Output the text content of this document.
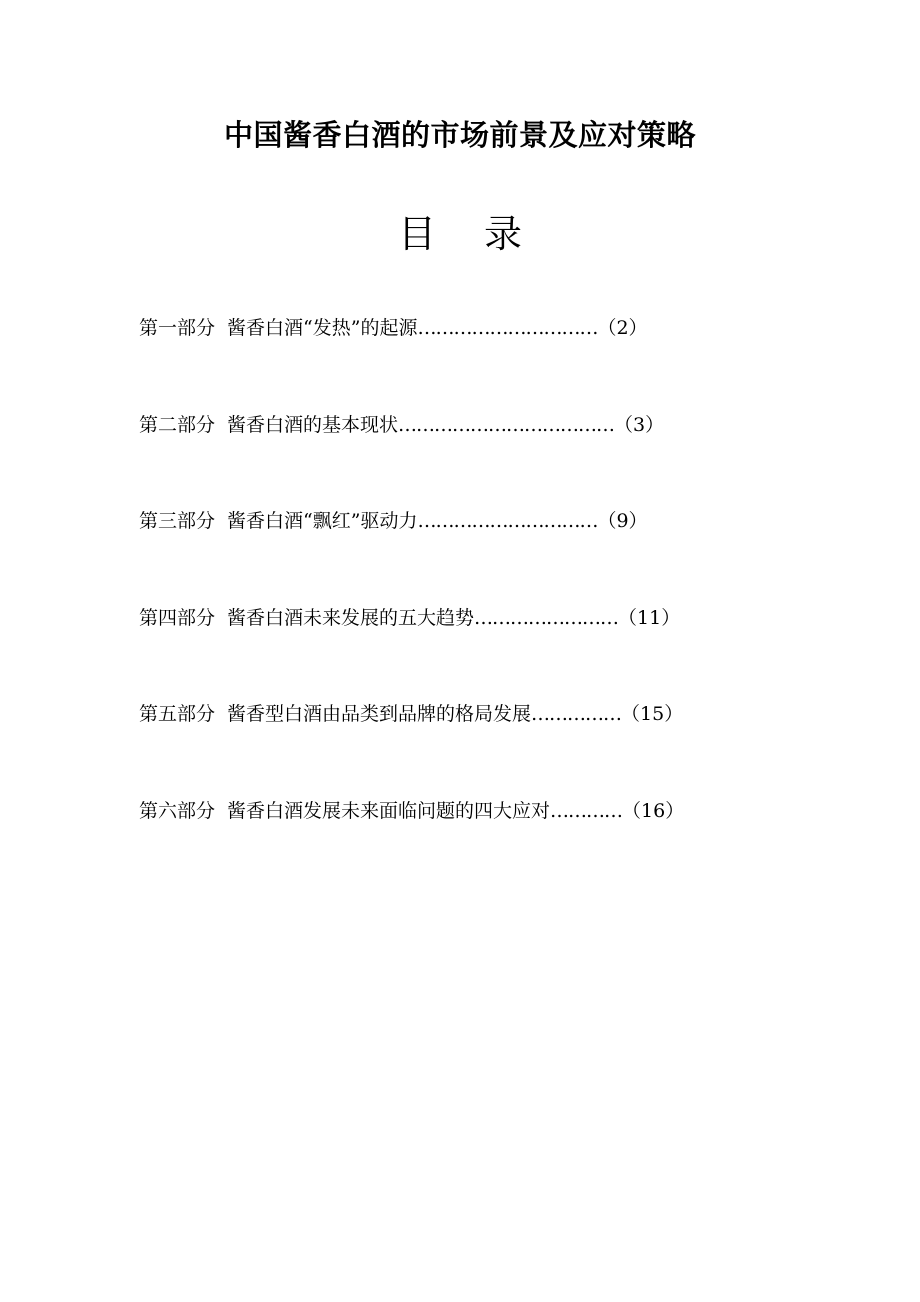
中国酱香白酒的市场前景及应对策略
目 录
第一部分 酱香白酒“发热”的起源 ………………………… （2）
第二部分 酱香白酒的基本现状 ……………………………… （3）
第三部分 酱香白酒“飘红”驱动力 ………………………… （9）
第四部分 酱香白酒未来发展的五大趋势 …………………… （11）
第五部分 酱香型白酒由品类到品牌的格局发展 …………… （15）
第六部分 酱香白酒发展未来面临问题的四大应对 ………… （16）
